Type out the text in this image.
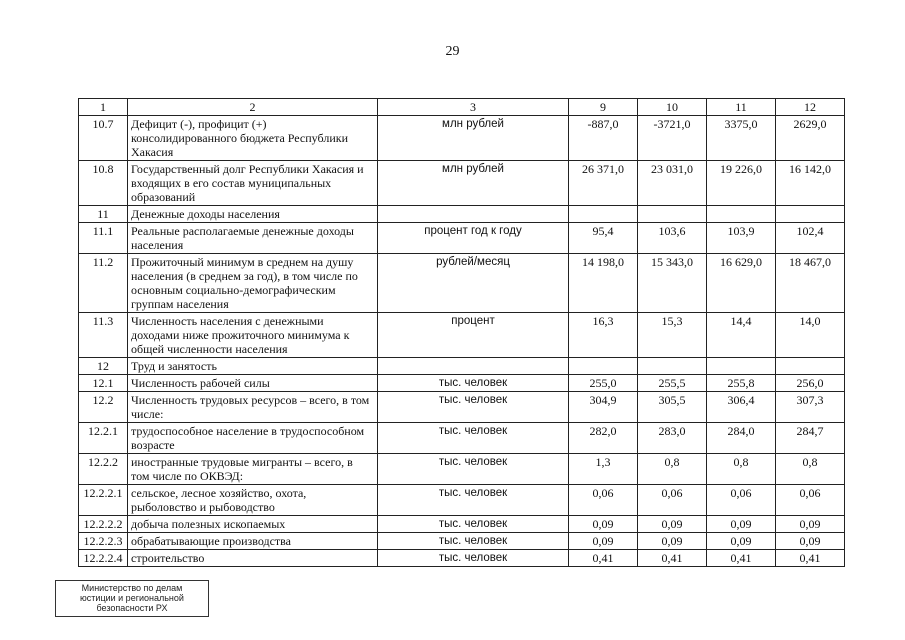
29
1	2	3	9	10	11	12
10.7	Дефицит (-), профицит (+) консолидированного бюджета Республики Хакасия	млн рублей	-887,0	-3721,0	3375,0	2629,0
10.8	Государственный долг Республики Хакасия и входящих в его состав муниципальных образований	млн рублей	26 371,0	23 031,0	19 226,0	16 142,0
11	Денежные доходы населения					
11.1	Реальные располагаемые денежные доходы населения	процент год к году	95,4	103,6	103,9	102,4
11.2	Прожиточный минимум в среднем на душу населения (в среднем за год), в том числе по основным социально-демографическим группам населения	рублей/месяц	14 198,0	15 343,0	16 629,0	18 467,0
11.3	Численность населения с денежными доходами ниже прожиточного минимума к общей численности населения	процент	16,3	15,3	14,4	14,0
12	Труд и занятость					
12.1	Численность рабочей силы	тыс. человек	255,0	255,5	255,8	256,0
12.2	Численность трудовых ресурсов – всего, в том числе:	тыс. человек	304,9	305,5	306,4	307,3
12.2.1	трудоспособное население в трудоспособном возрасте	тыс. человек	282,0	283,0	284,0	284,7
12.2.2	иностранные трудовые мигранты – всего, в том числе по ОКВЭД:	тыс. человек	1,3	0,8	0,8	0,8
12.2.2.1	сельское, лесное хозяйство, охота, рыболовство и рыбоводство	тыс. человек	0,06	0,06	0,06	0,06
12.2.2.2	добыча полезных ископаемых	тыс. человек	0,09	0,09	0,09	0,09
12.2.2.3	обрабатывающие производства	тыс. человек	0,09	0,09	0,09	0,09
12.2.2.4	строительство	тыс. человек	0,41	0,41	0,41	0,41
Министерство по делам
юстиции и региональной
безопасности РХ
